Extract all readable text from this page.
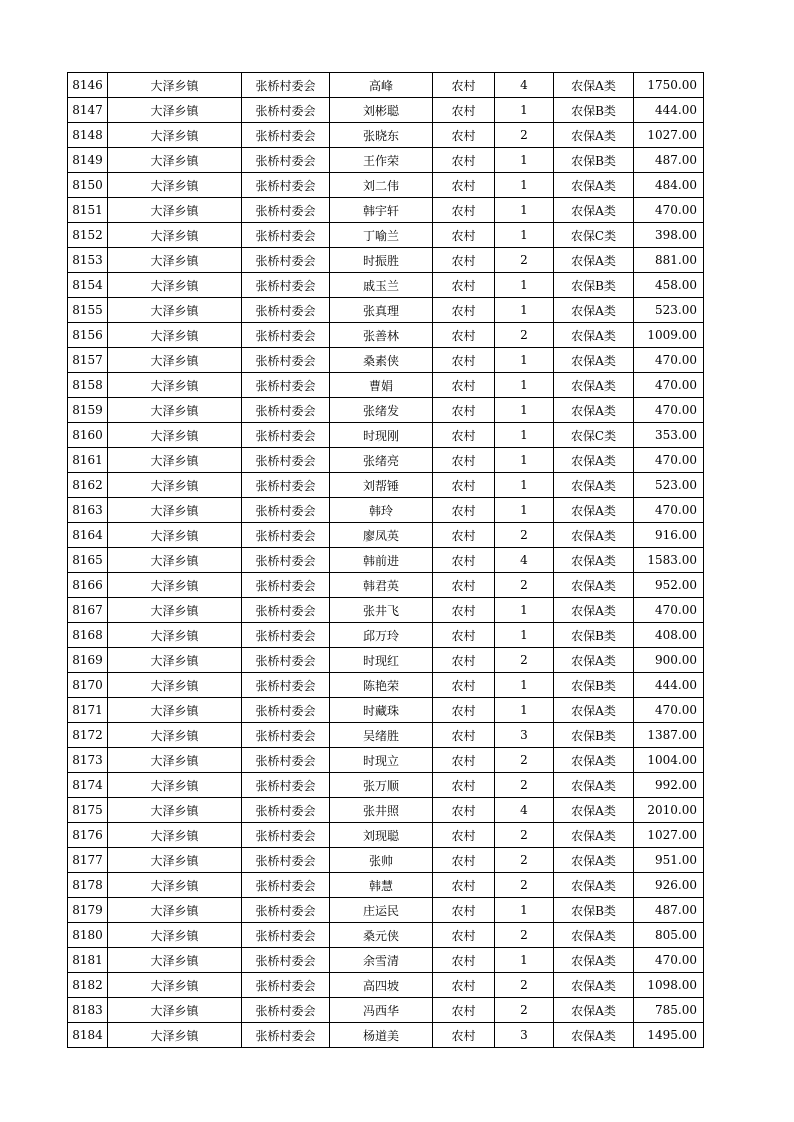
8146	大泽乡镇	张桥村委会	高峰	农村	4	农保A类	1750.00
8147	大泽乡镇	张桥村委会	刘彬聪	农村	1	农保B类	444.00
8148	大泽乡镇	张桥村委会	张晓东	农村	2	农保A类	1027.00
8149	大泽乡镇	张桥村委会	王作荣	农村	1	农保B类	487.00
8150	大泽乡镇	张桥村委会	刘二伟	农村	1	农保A类	484.00
8151	大泽乡镇	张桥村委会	韩宇轩	农村	1	农保A类	470.00
8152	大泽乡镇	张桥村委会	丁喻兰	农村	1	农保C类	398.00
8153	大泽乡镇	张桥村委会	时振胜	农村	2	农保A类	881.00
8154	大泽乡镇	张桥村委会	戚玉兰	农村	1	农保B类	458.00
8155	大泽乡镇	张桥村委会	张真理	农村	1	农保A类	523.00
8156	大泽乡镇	张桥村委会	张善林	农村	2	农保A类	1009.00
8157	大泽乡镇	张桥村委会	桑素侠	农村	1	农保A类	470.00
8158	大泽乡镇	张桥村委会	曹娟	农村	1	农保A类	470.00
8159	大泽乡镇	张桥村委会	张绪发	农村	1	农保A类	470.00
8160	大泽乡镇	张桥村委会	时现刚	农村	1	农保C类	353.00
8161	大泽乡镇	张桥村委会	张绪亮	农村	1	农保A类	470.00
8162	大泽乡镇	张桥村委会	刘帮锤	农村	1	农保A类	523.00
8163	大泽乡镇	张桥村委会	韩玲	农村	1	农保A类	470.00
8164	大泽乡镇	张桥村委会	廖凤英	农村	2	农保A类	916.00
8165	大泽乡镇	张桥村委会	韩前进	农村	4	农保A类	1583.00
8166	大泽乡镇	张桥村委会	韩君英	农村	2	农保A类	952.00
8167	大泽乡镇	张桥村委会	张井飞	农村	1	农保A类	470.00
8168	大泽乡镇	张桥村委会	邱万玲	农村	1	农保B类	408.00
8169	大泽乡镇	张桥村委会	时现红	农村	2	农保A类	900.00
8170	大泽乡镇	张桥村委会	陈艳荣	农村	1	农保B类	444.00
8171	大泽乡镇	张桥村委会	时藏珠	农村	1	农保A类	470.00
8172	大泽乡镇	张桥村委会	吴绪胜	农村	3	农保B类	1387.00
8173	大泽乡镇	张桥村委会	时现立	农村	2	农保A类	1004.00
8174	大泽乡镇	张桥村委会	张万顺	农村	2	农保A类	992.00
8175	大泽乡镇	张桥村委会	张井照	农村	4	农保A类	2010.00
8176	大泽乡镇	张桥村委会	刘现聪	农村	2	农保A类	1027.00
8177	大泽乡镇	张桥村委会	张帅	农村	2	农保A类	951.00
8178	大泽乡镇	张桥村委会	韩慧	农村	2	农保A类	926.00
8179	大泽乡镇	张桥村委会	庄运民	农村	1	农保B类	487.00
8180	大泽乡镇	张桥村委会	桑元侠	农村	2	农保A类	805.00
8181	大泽乡镇	张桥村委会	余雪清	农村	1	农保A类	470.00
8182	大泽乡镇	张桥村委会	高四坡	农村	2	农保A类	1098.00
8183	大泽乡镇	张桥村委会	冯西华	农村	2	农保A类	785.00
8184	大泽乡镇	张桥村委会	杨道美	农村	3	农保A类	1495.00
